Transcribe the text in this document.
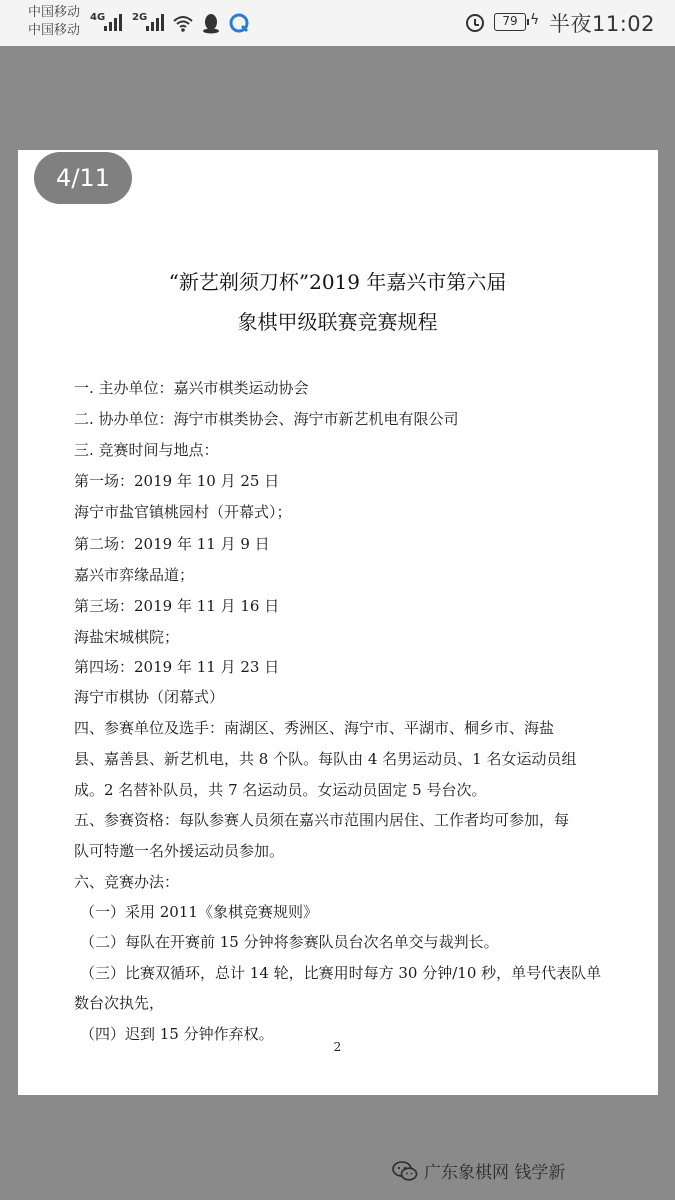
中国移动
中国移动
4G	2G	79 ϟ 半夜11:02
4/11
“新艺剃须刀杯”2019 年嘉兴市第六届
象棋甲级联赛竞赛规程
一. 主办单位：嘉兴市棋类运动协会
二. 协办单位：海宁市棋类协会、海宁市新艺机电有限公司
三. 竞赛时间与地点：
第一场：2019 年 10 月 25 日
海宁市盐官镇桃园村（开幕式）；
第二场：2019 年 11 月 9 日
嘉兴市弈缘品道；
第三场：2019 年 11 月 16 日
海盐宋城棋院；
第四场：2019 年 11 月 23 日
海宁市棋协（闭幕式）
四、参赛单位及选手：南湖区、秀洲区、海宁市、平湖市、桐乡市、海盐
县、嘉善县、新艺机电，共 8 个队。每队由 4 名男运动员、1 名女运动员组
成。2 名替补队员，共 7 名运动员。女运动员固定 5 号台次。
五、参赛资格：每队参赛人员须在嘉兴市范围内居住、工作者均可参加，每
队可特邀一名外援运动员参加。
六、竞赛办法：
（一）采用 2011《象棋竞赛规则》
（二）每队在开赛前 15 分钟将参赛队员台次名单交与裁判长。
（三）比赛双循环，总计 14 轮，比赛用时每方 30 分钟/10 秒，单号代表队单
数台次执先，
（四）迟到 15 分钟作弃权。
2
广东象棋网 钱学新
